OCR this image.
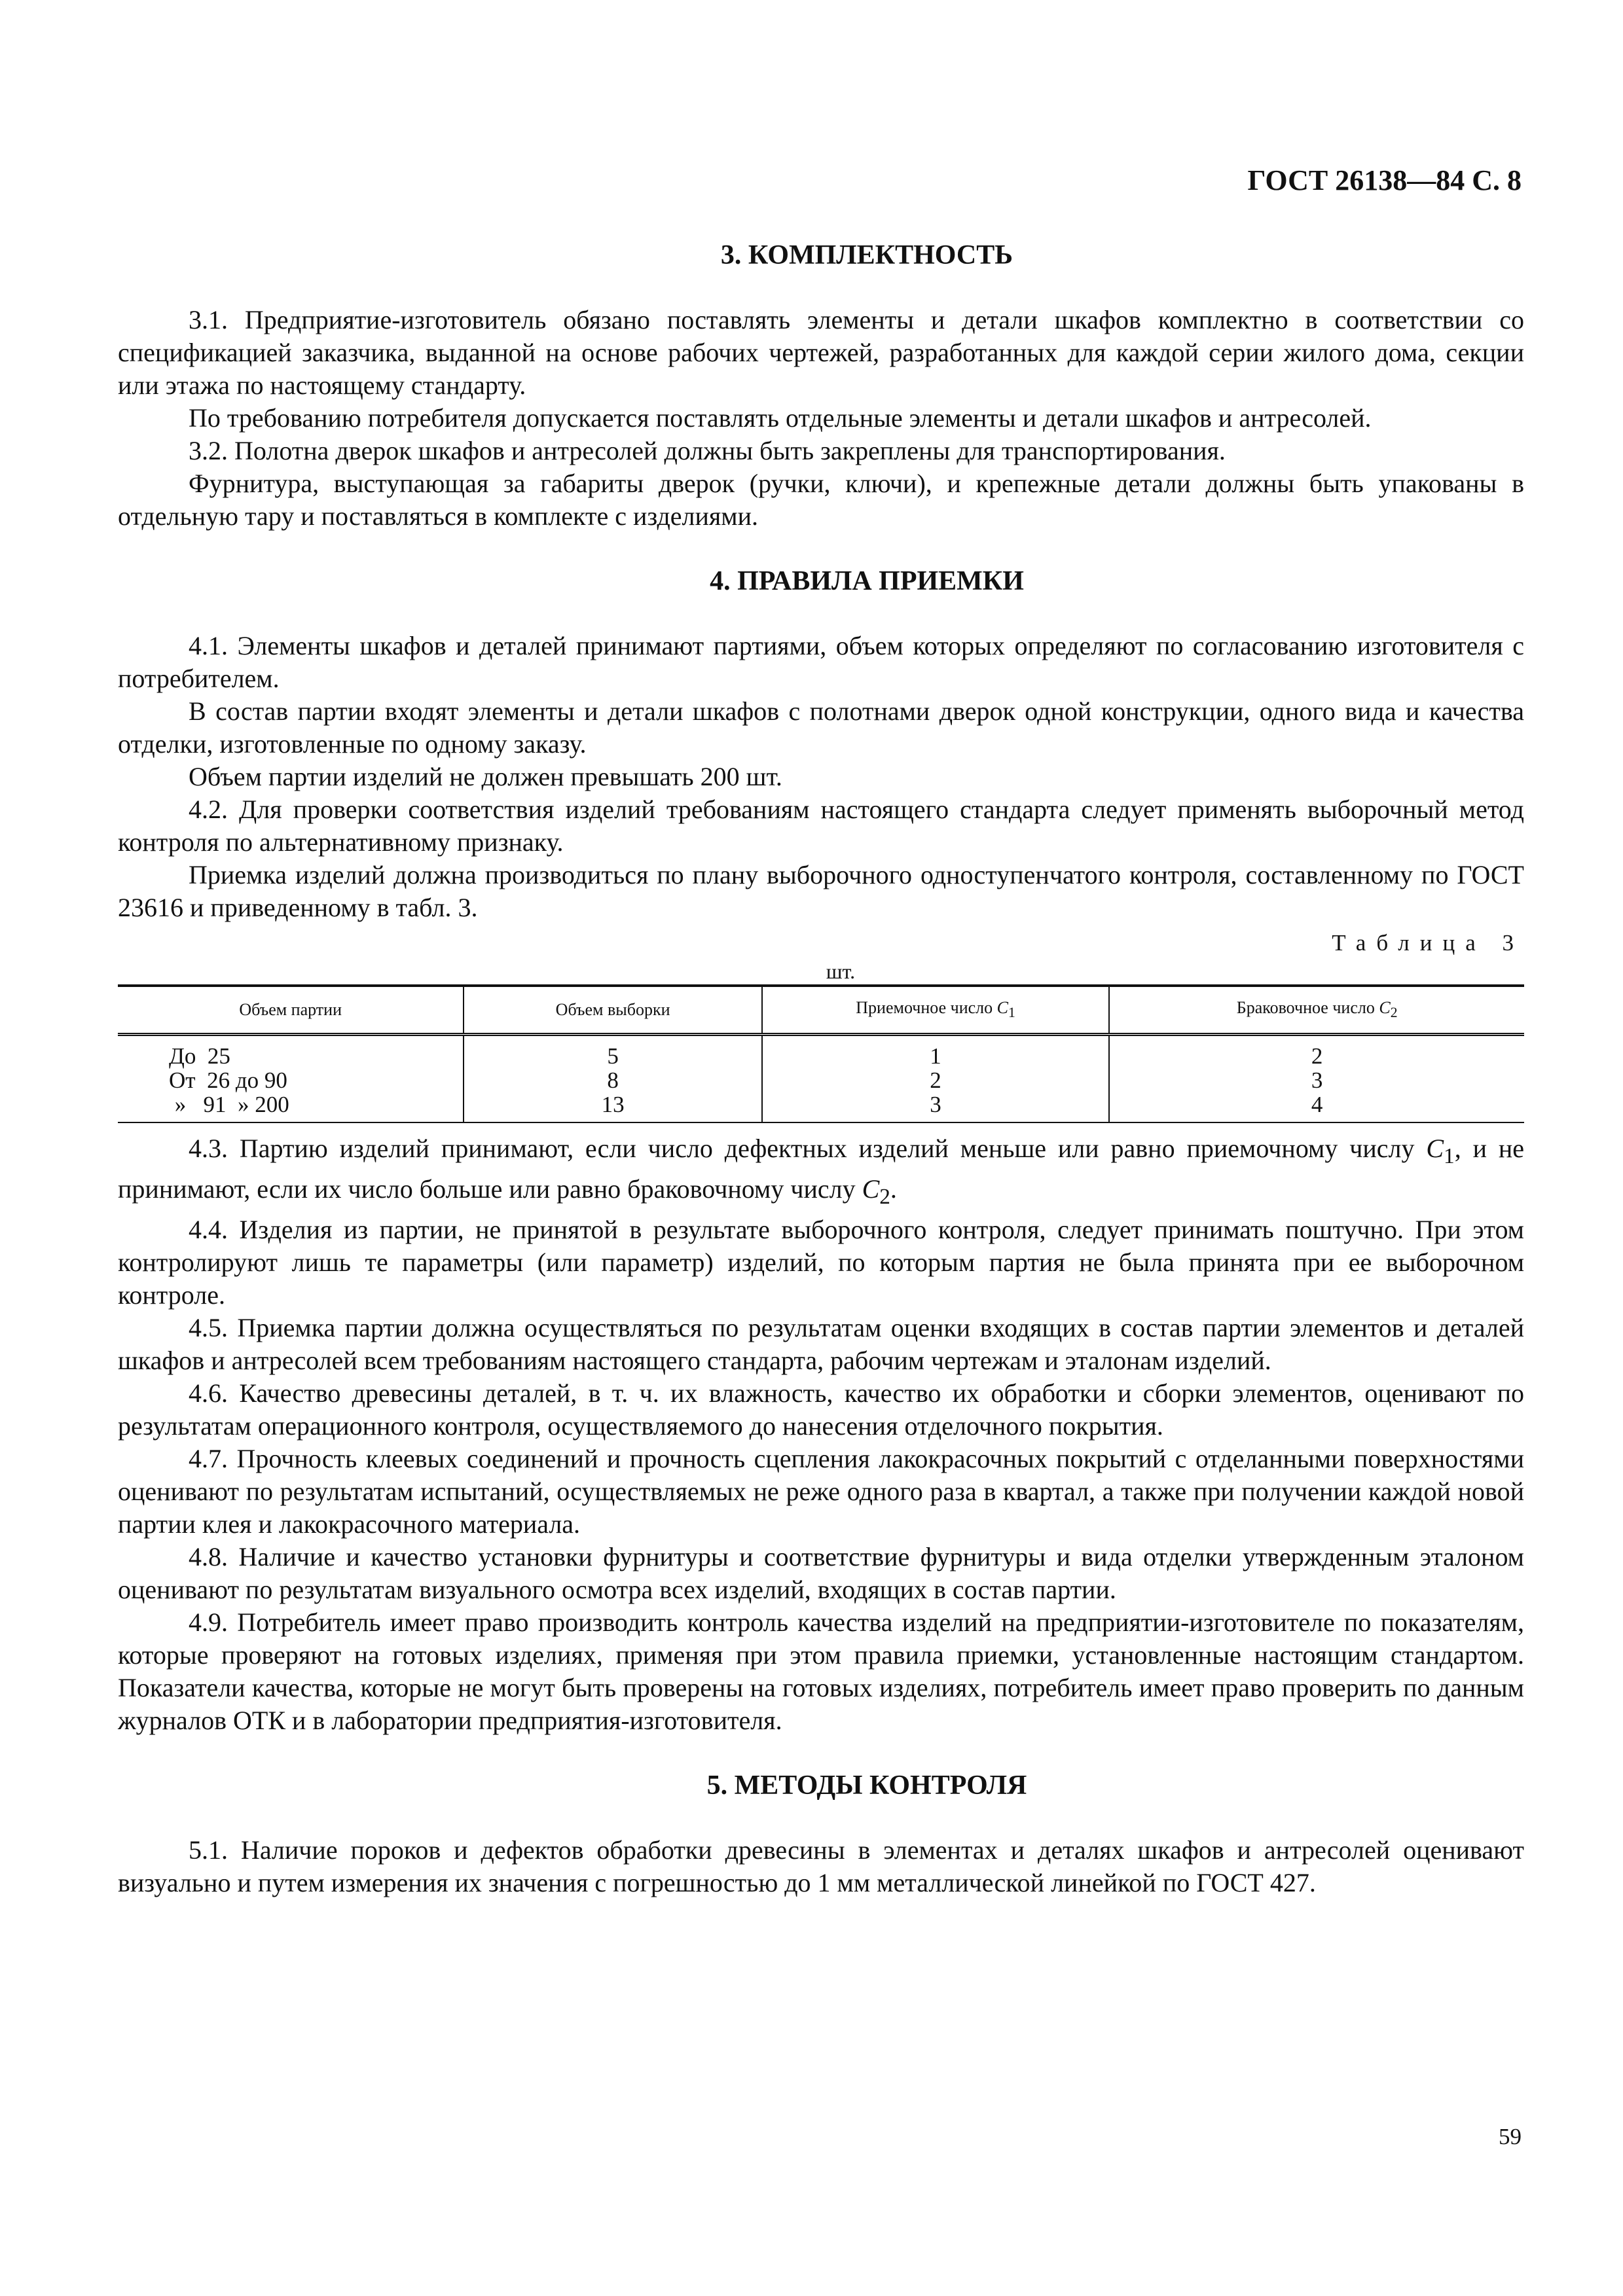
ГОСТ 26138—84 С. 8
3. КОМПЛЕКТНОСТЬ

3.1. Предприятие-изготовитель обязано поставлять элементы и детали шкафов комплектно в соответствии со спецификацией заказчика, выданной на основе рабочих чертежей, разработанных для каждой серии жилого дома, секции или этажа по настоящему стандарту.

По требованию потребителя допускается поставлять отдельные элементы и детали шкафов и антресолей.

3.2. Полотна дверок шкафов и антресолей должны быть закреплены для транспортирования.

Фурнитура, выступающая за габариты дверок (ручки, ключи), и крепежные детали должны быть упакованы в отдельную тару и поставляться в комплекте с изделиями.

4. ПРАВИЛА ПРИЕМКИ

4.1. Элементы шкафов и деталей принимают партиями, объем которых определяют по согласованию изготовителя с потребителем.

В состав партии входят элементы и детали шкафов с полотнами дверок одной конструкции, одного вида и качества отделки, изготовленные по одному заказу.

Объем партии изделий не должен превышать 200 шт.

4.2. Для проверки соответствия изделий требованиям настоящего стандарта следует применять выборочный метод контроля по альтернативному признаку.

Приемка изделий должна производиться по плану выборочного одноступенчатого контроля, составленному по ГОСТ 23616 и приведенному в табл. 3.

Таблица 3
шт.
Объем партии	Объем выборки	Приемочное число $C_1$	Браковочное число $C_2$
До 25	5	1	2
От 26 до 90	8	2	3
» 91 » 200	13	3	4

4.3. Партию изделий принимают, если число дефектных изделий меньше или равно приемочному числу $C_1$, и не принимают, если их число больше или равно браковочному числу $C_2$.

4.4. Изделия из партии, не принятой в результате выборочного контроля, следует принимать поштучно. При этом контролируют лишь те параметры (или параметр) изделий, по которым партия не была принята при ее выборочном контроле.

4.5. Приемка партии должна осуществляться по результатам оценки входящих в состав партии элементов и деталей шкафов и антресолей всем требованиям настоящего стандарта, рабочим чертежам и эталонам изделий.

4.6. Качество древесины деталей, в т. ч. их влажность, качество их обработки и сборки элементов, оценивают по результатам операционного контроля, осуществляемого до нанесения отделочного покрытия.

4.7. Прочность клеевых соединений и прочность сцепления лакокрасочных покрытий с отделанными поверхностями оценивают по результатам испытаний, осуществляемых не реже одного раза в квартал, а также при получении каждой новой партии клея и лакокрасочного материала.

4.8. Наличие и качество установки фурнитуры и соответствие фурнитуры и вида отделки утвержденным эталоном оценивают по результатам визуального осмотра всех изделий, входящих в состав партии.

4.9. Потребитель имеет право производить контроль качества изделий на предприятии-изготовителе по показателям, которые проверяют на готовых изделиях, применяя при этом правила приемки, установленные настоящим стандартом. Показатели качества, которые не могут быть проверены на готовых изделиях, потребитель имеет право проверить по данным журналов ОТК и в лаборатории предприятия-изготовителя.

5. МЕТОДЫ КОНТРОЛЯ

5.1. Наличие пороков и дефектов обработки древесины в элементах и деталях шкафов и антресолей оценивают визуально и путем измерения их значения с погрешностью до 1 мм металлической линейкой по ГОСТ 427.

59
